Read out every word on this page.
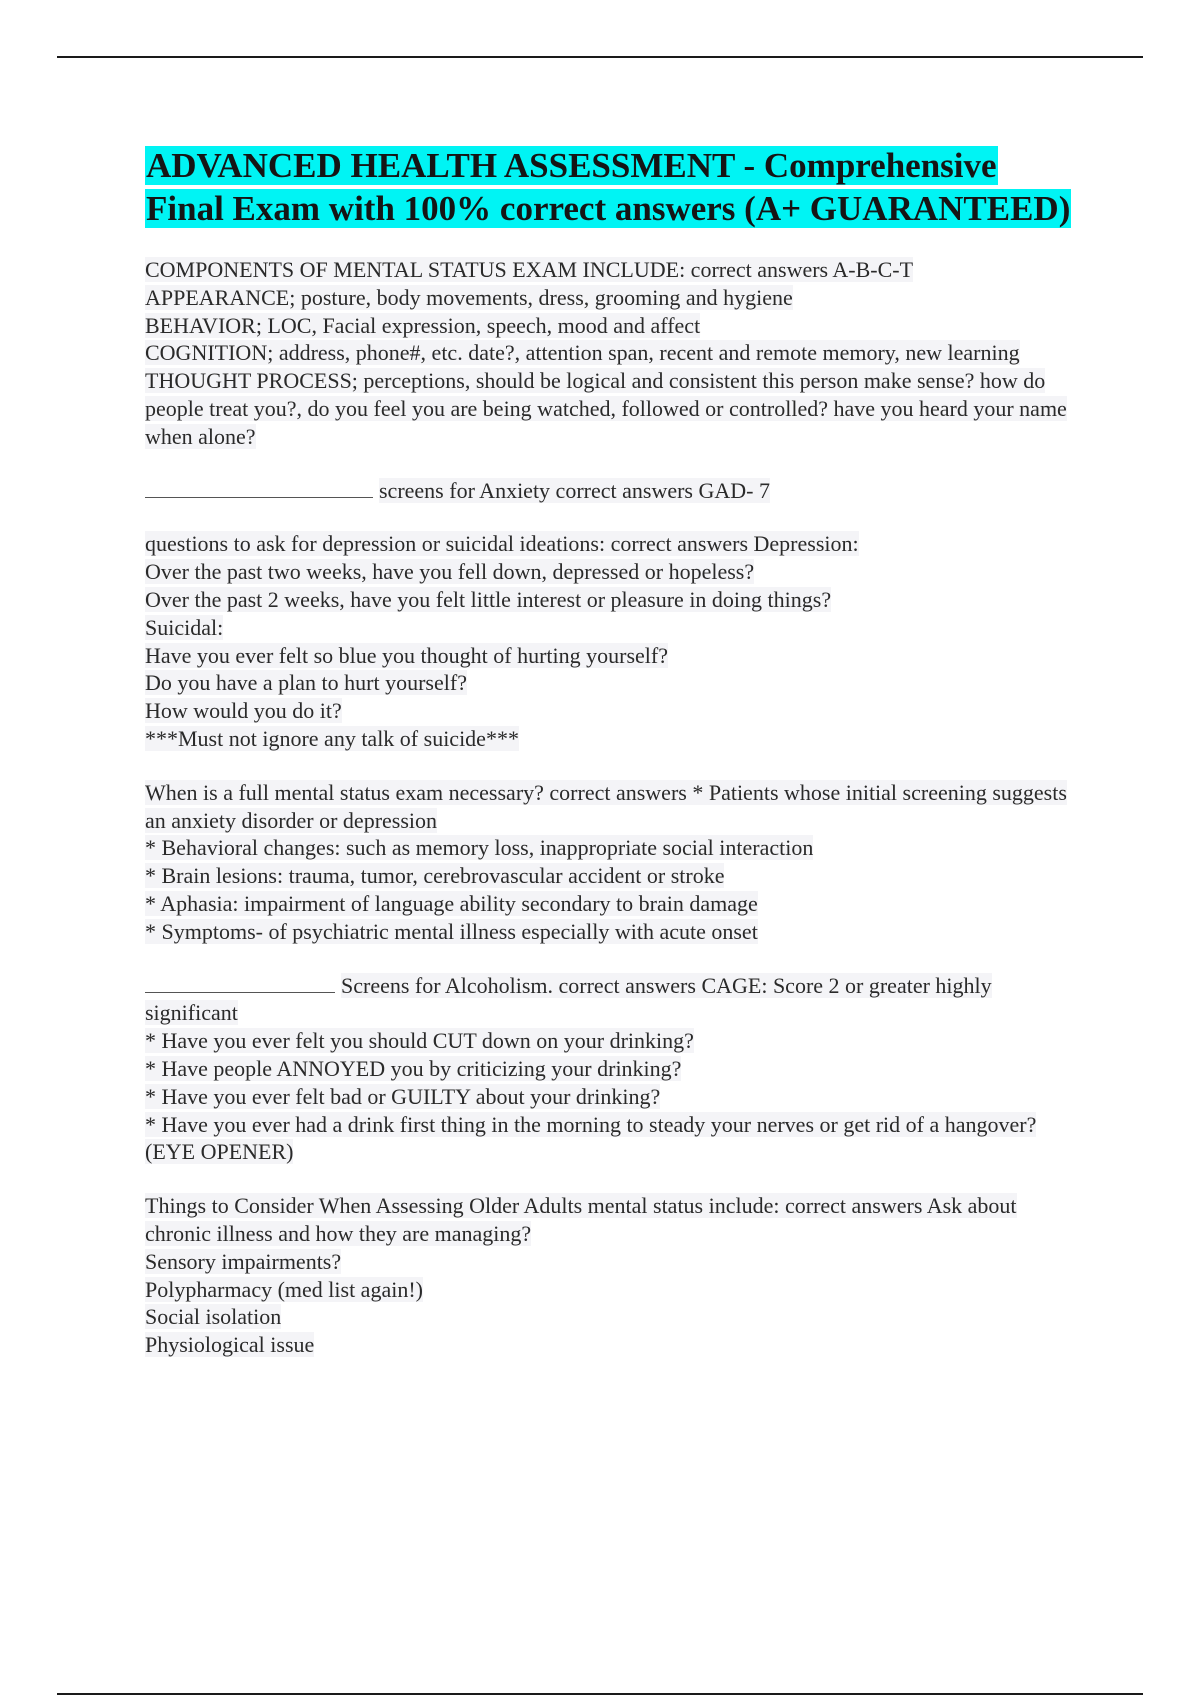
ADVANCED HEALTH ASSESSMENT - Comprehensive Final Exam with 100% correct answers (A+ GUARANTEED)
COMPONENTS OF MENTAL STATUS EXAM INCLUDE: correct answers A-B-C-T
APPEARANCE; posture, body movements, dress, grooming and hygiene
BEHAVIOR; LOC, Facial expression, speech, mood and affect
COGNITION; address, phone#, etc. date?, attention span, recent and remote memory, new learning
THOUGHT PROCESS; perceptions, should be logical and consistent this person make sense? how do people treat you?, do you feel you are being watched, followed or controlled? have you heard your name when alone?
screens for Anxiety correct answers GAD- 7
questions to ask for depression or suicidal ideations: correct answers Depression:
Over the past two weeks, have you fell down, depressed or hopeless?
Over the past 2 weeks, have you felt little interest or pleasure in doing things?
Suicidal:
Have you ever felt so blue you thought of hurting yourself?
Do you have a plan to hurt yourself?
How would you do it?
***Must not ignore any talk of suicide***
When is a full mental status exam necessary? correct answers * Patients whose initial screening suggests an anxiety disorder or depression
* Behavioral changes: such as memory loss, inappropriate social interaction
* Brain lesions: trauma, tumor, cerebrovascular accident or stroke
* Aphasia: impairment of language ability secondary to brain damage
* Symptoms- of psychiatric mental illness especially with acute onset
Screens for Alcoholism. correct answers CAGE: Score 2 or greater highly significant
* Have you ever felt you should CUT down on your drinking?
* Have people ANNOYED you by criticizing your drinking?
* Have you ever felt bad or GUILTY about your drinking?
* Have you ever had a drink first thing in the morning to steady your nerves or get rid of a hangover? (EYE OPENER)
Things to Consider When Assessing Older Adults mental status include: correct answers Ask about chronic illness and how they are managing?
Sensory impairments?
Polypharmacy (med list again!)
Social isolation
Physiological issue
